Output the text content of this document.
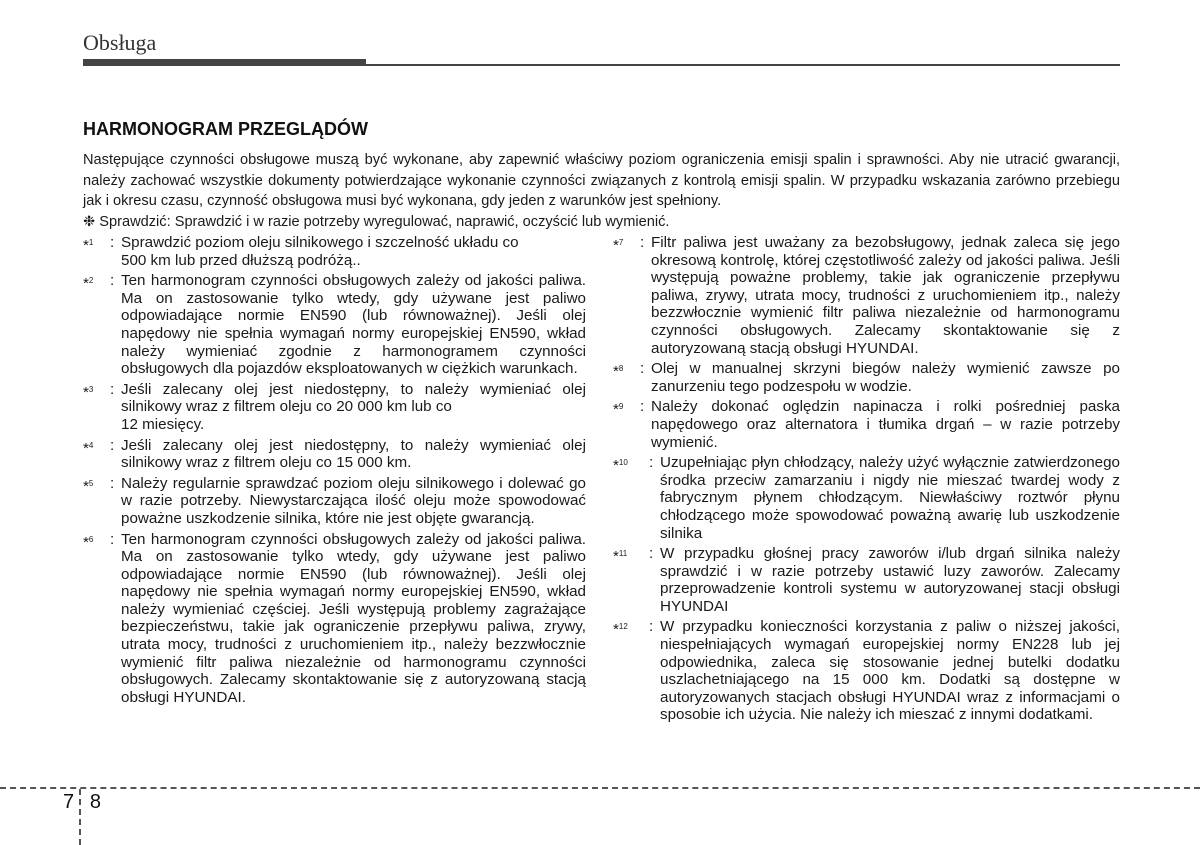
Obsługa
HARMONOGRAM PRZEGLĄDÓW

Następujące czynności obsługowe muszą być wykonane, aby zapewnić właściwy poziom ograniczenia emisji spalin i sprawności. Aby nie utracić gwarancji, należy zachować wszystkie dokumenty potwierdzające wykonanie czynności związanych z kontrolą emisji spalin. W przypadku wskazania zarówno przebiegu jak i okresu czasu, czynność obsługowa musi być wykonana, gdy jeden z warunków jest spełniony.

❉ Sprawdzić: Sprawdzić i w razie potrzeby wyregulować, naprawić, oczyścić lub wymienić.

*$^1$	: Sprawdzić poziom oleju silnikowego i szczelność układu co
500 km lub przed dłuższą podróżą..
*$^2$	: Ten harmonogram czynności obsługowych zależy od jakości paliwa. Ma on zastosowanie tylko wtedy, gdy używane jest paliwo odpowiadające normie EN590 (lub równoważnej). Jeśli olej napędowy nie spełnia wymagań normy europejskiej EN590, wkład należy wymieniać zgodnie z harmonogramem czynności obsługowych dla pojazdów eksploatowanych w ciężkich warunkach.
*$^3$	: Jeśli zalecany olej jest niedostępny, to należy wymieniać olej silnikowy wraz z filtrem oleju co 20 000 km lub co
12 miesięcy.
*$^4$	: Jeśli zalecany olej jest niedostępny, to należy wymieniać olej silnikowy wraz z filtrem oleju co 15 000 km.
*$^5$	: Należy regularnie sprawdzać poziom oleju silnikowego i dolewać go w razie potrzeby. Niewystarczająca ilość oleju może spowodować poważne uszkodzenie silnika, które nie jest objęte gwarancją.
*$^6$	: Ten harmonogram czynności obsługowych zależy od jakości paliwa. Ma on zastosowanie tylko wtedy, gdy używane jest paliwo odpowiadające normie EN590 (lub równoważnej). Jeśli olej napędowy nie spełnia wymagań normy europejskiej EN590, wkład należy wymieniać częściej. Jeśli występują problemy zagrażające bezpieczeństwu, takie jak ograniczenie przepływu paliwa, zrywy, utrata mocy, trudności z uruchomieniem itp., należy bezzwłocznie wymienić filtr paliwa niezależnie od harmonogramu czynności obsługowych. Zalecamy skontaktowanie się z autoryzowaną stacją obsługi HYUNDAI.
*$^7$	: Filtr paliwa jest uważany za bezobsługowy, jednak zaleca się jego okresową kontrolę, której częstotliwość zależy od jakości paliwa. Jeśli występują poważne problemy, takie jak ograniczenie przepływu paliwa, zrywy, utrata mocy, trudności z uruchomieniem itp., należy bezzwłocznie wymienić filtr paliwa niezależnie od harmonogramu czynności obsługowych. Zalecamy skontaktowanie się z autoryzowaną stacją obsługi HYUNDAI.
*$^8$	: Olej w manualnej skrzyni biegów należy wymienić zawsze po zanurzeniu tego podzespołu w wodzie.
*$^9$	: Należy dokonać oględzin napinacza i rolki pośredniej paska napędowego oraz alternatora i tłumika drgań – w razie potrzeby wymienić.
*$^{10}$	: Uzupełniając płyn chłodzący, należy użyć wyłącznie zatwierdzonego środka przeciw zamarzaniu i nigdy nie mieszać twardej wody z fabrycznym płynem chłodzącym. Niewłaściwy roztwór płynu chłodzącego może spowodować poważną awarię lub uszkodzenie silnika
*$^{11}$	: W przypadku głośnej pracy zaworów i/lub drgań silnika należy sprawdzić i w razie potrzeby ustawić luzy zaworów. Zalecamy przeprowadzenie kontroli systemu w autoryzowanej stacji obsługi HYUNDAI
*$^{12}$	: W przypadku konieczności korzystania z paliw o niższej jakości, niespełniających wymagań europejskiej normy EN228 lub jej odpowiednika, zaleca się stosowanie jednej butelki dodatku uszlachetniającego na 15 000 km. Dodatki są dostępne w autoryzowanych stacjach obsługi HYUNDAI wraz z informacjami o sposobie ich użycia. Nie należy ich mieszać z innymi dodatkami.
7 8
